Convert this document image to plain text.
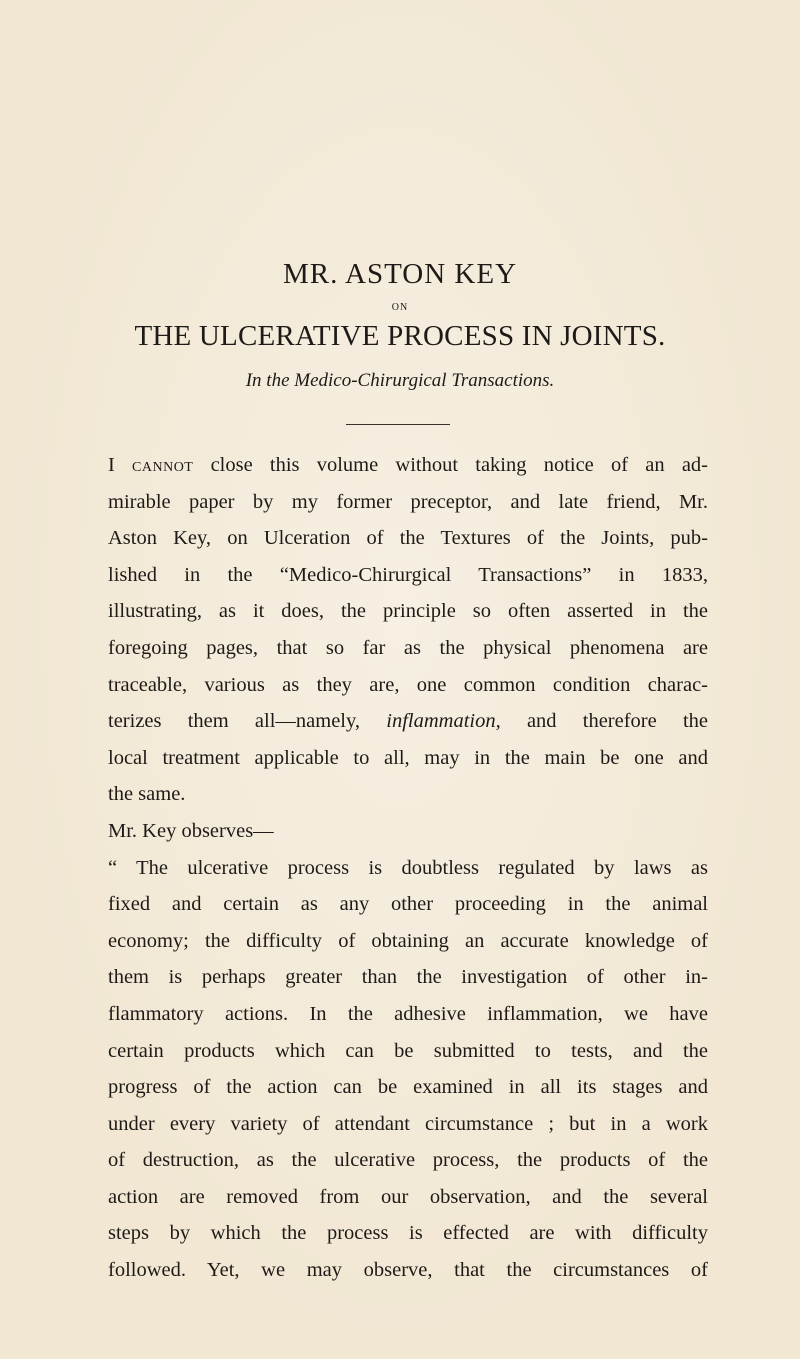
MR. ASTON KEY
ON
THE ULCERATIVE PROCESS IN JOINTS.
In the Medico-Chirurgical Transactions.
I cannot close this volume without taking notice of an ad-
mirable paper by my former preceptor, and late friend, Mr.
Aston Key, on Ulceration of the Textures of the Joints, pub-
lished in the “Medico-Chirurgical Transactions” in 1833,
illustrating, as it does, the principle so often asserted in the
foregoing pages, that so far as the physical phenomena are
traceable, various as they are, one common condition charac-
terizes them all—namely, inflammation, and therefore the
local treatment applicable to all, may in the main be one and
the same.
Mr. Key observes—
“ The ulcerative process is doubtless regulated by laws as
fixed and certain as any other proceeding in the animal
economy; the difficulty of obtaining an accurate knowledge of
them is perhaps greater than the investigation of other in-
flammatory actions. In the adhesive inflammation, we have
certain products which can be submitted to tests, and the
progress of the action can be examined in all its stages and
under every variety of attendant circumstance ; but in a work
of destruction, as the ulcerative process, the products of the
action are removed from our observation, and the several
steps by which the process is effected are with difficulty
followed. Yet, we may observe, that the circumstances of
